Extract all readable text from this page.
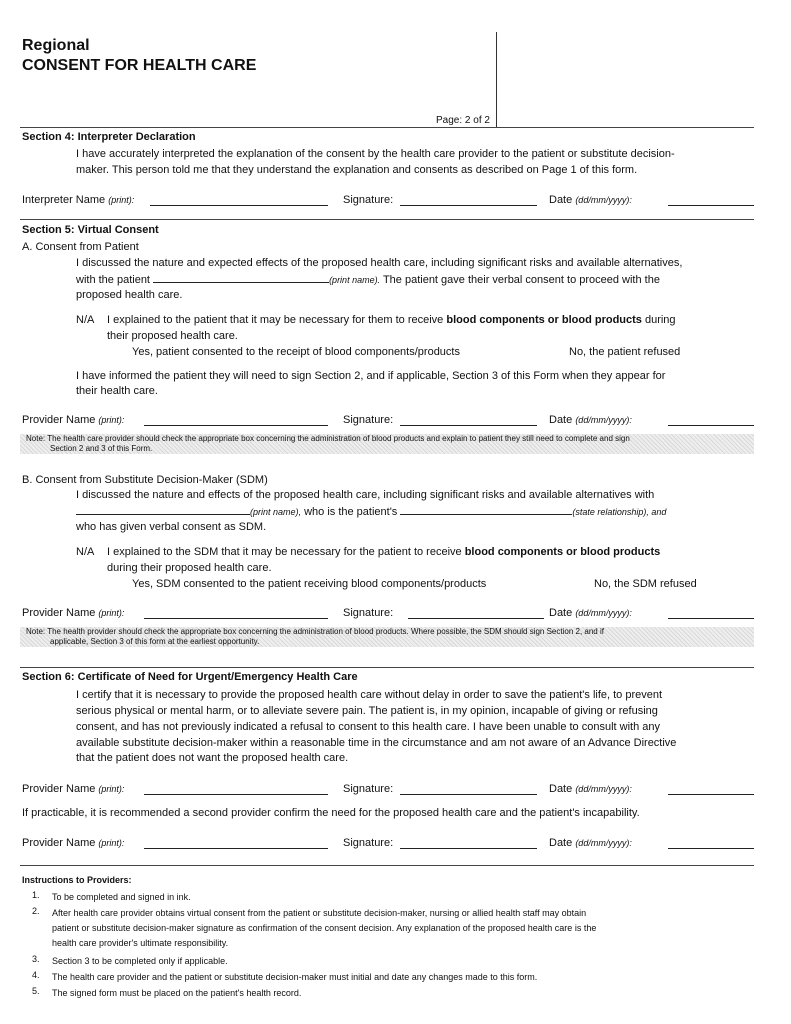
Regional
CONSENT FOR HEALTH CARE
Page: 2 of 2
Section 4: Interpreter Declaration
I have accurately interpreted the explanation of the consent by the health care provider to the patient or substitute decision-
maker. This person told me that they understand the explanation and consents as described on Page 1 of this form.
Interpreter Name (print):	Signature:	Date (dd/mm/yyyy):
Section 5: Virtual Consent
A. Consent from Patient
I discussed the nature and expected effects of the proposed health care, including significant risks and available alternatives,
with the patient	(print name). The patient gave their verbal consent to proceed with the
proposed health care.
N/A I explained to the patient that it may be necessary for them to receive blood components or blood products during
their proposed health care.
Yes, patient consented to the receipt of blood components/products	No, the patient refused
I have informed the patient they will need to sign Section 2, and if applicable, Section 3 of this Form when they appear for
their health care.
Provider Name (print):	Signature:	Date (dd/mm/yyyy):
Note: The health care provider should check the appropriate box concerning the administration of blood products and explain to patient they still need to complete and sign
Section 2 and 3 of this Form.
B. Consent from Substitute Decision-Maker (SDM)
I discussed the nature and effects of the proposed health care, including significant risks and available alternatives with
(print name), who is the patient's	(state relationship), and
who has given verbal consent as SDM.
N/A I explained to the SDM that it may be necessary for the patient to receive blood components or blood products
during their proposed health care.
Yes, SDM consented to the patient receiving blood components/products	No, the SDM refused
Provider Name (print):	Signature:	Date (dd/mm/yyyy):
Note: The health provider should check the appropriate box concerning the administration of blood products. Where possible, the SDM should sign Section 2, and if
applicable, Section 3 of this form at the earliest opportunity.
Section 6: Certificate of Need for Urgent/Emergency Health Care
I certify that it is necessary to provide the proposed health care without delay in order to save the patient's life, to prevent
serious physical or mental harm, or to alleviate severe pain. The patient is, in my opinion, incapable of giving or refusing
consent, and has not previously indicated a refusal to consent to this health care. I have been unable to consult with any
available substitute decision-maker within a reasonable time in the circumstance and am not aware of an Advance Directive
that the patient does not want the proposed health care.
Provider Name (print):	Signature:	Date (dd/mm/yyyy):
If practicable, it is recommended a second provider confirm the need for the proposed health care and the patient's incapability.
Provider Name (print):	Signature:	Date (dd/mm/yyyy):
Instructions to Providers:
1. To be completed and signed in ink.
2. After health care provider obtains virtual consent from the patient or substitute decision-maker, nursing or allied health staff may obtain
patient or substitute decision-maker signature as confirmation of the consent decision. Any explanation of the proposed health care is the
health care provider's ultimate responsibility.
3. Section 3 to be completed only if applicable.
4. The health care provider and the patient or substitute decision-maker must initial and date any changes made to this form.
5. The signed form must be placed on the patient's health record.
